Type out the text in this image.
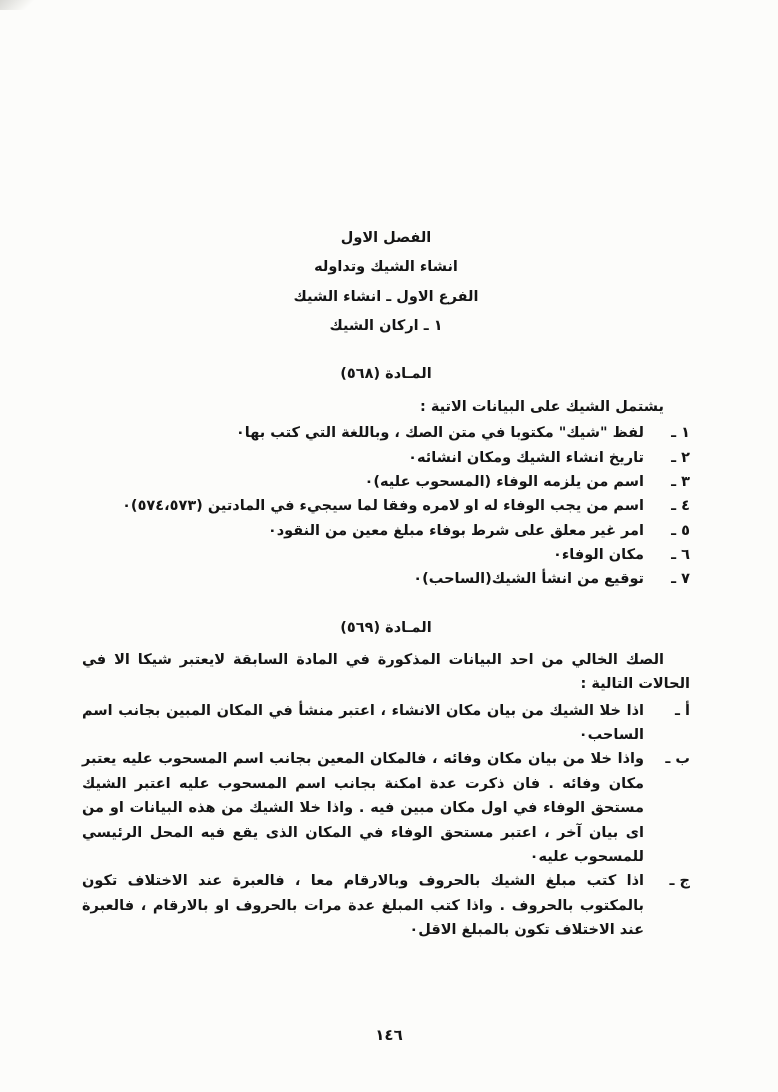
الفصل الاول

انشاء الشيك وتداوله

الفرع الاول ـ انشاء الشيك

١ ـ اركان الشيك

المـادة (٥٦٨)

يشتمل الشيك على البيانات الاتية :

١ ـ
لفظ "شيك" مكتوبا في متن الصك ، وباللغة التي كتب بها٠
٢ ـ
تاريخ انشاء الشيك ومكان انشائه٠
٣ ـ
اسم من يلزمه الوفاء (المسحوب عليه)٠
٤ ـ
اسم من يجب الوفاء له او لامره وفقا لما سيجيء في المادتين (٥٧٤،٥٧٣)٠
٥ ـ
امر غير معلق على شرط بوفاء مبلغ معين من النقود٠
٦ ـ
مكان الوفاء٠
٧ ـ
توقيع من انشأ الشيك(الساحب)٠

المـادة (٥٦٩)

الصك الخالي من احد البيانات المذكورة في المادة السابقة لايعتبر شيكا الا في الحالات التالية :

أ ـ
اذا خلا الشيك من بيان مكان الانشاء ، اعتبر منشأ في المكان المبين بجانب اسم الساحب٠
ب ـ
واذا خلا من بيان مكان وفائه ، فالمكان المعين بجانب اسم المسحوب عليه يعتبر مكان وفائه . فان ذكرت عدة امكنة بجانب اسم المسحوب عليه اعتبر الشيك مستحق الوفاء في اول مكان مبين فيه . واذا خلا الشيك من هذه البيانات او من اى بيان آخر ، اعتبر مستحق الوفاء في المكان الذى يقع فيه المحل الرئيسي للمسحوب عليه٠
ج ـ
اذا كتب مبلغ الشيك بالحروف وبالارقام معا ، فالعبرة عند الاختلاف تكون بالمكتوب بالحروف . واذا كتب المبلغ عدة مرات بالحروف او بالارقام ، فالعبرة عند الاختلاف تكون بالمبلغ الاقل٠
١٤٦
